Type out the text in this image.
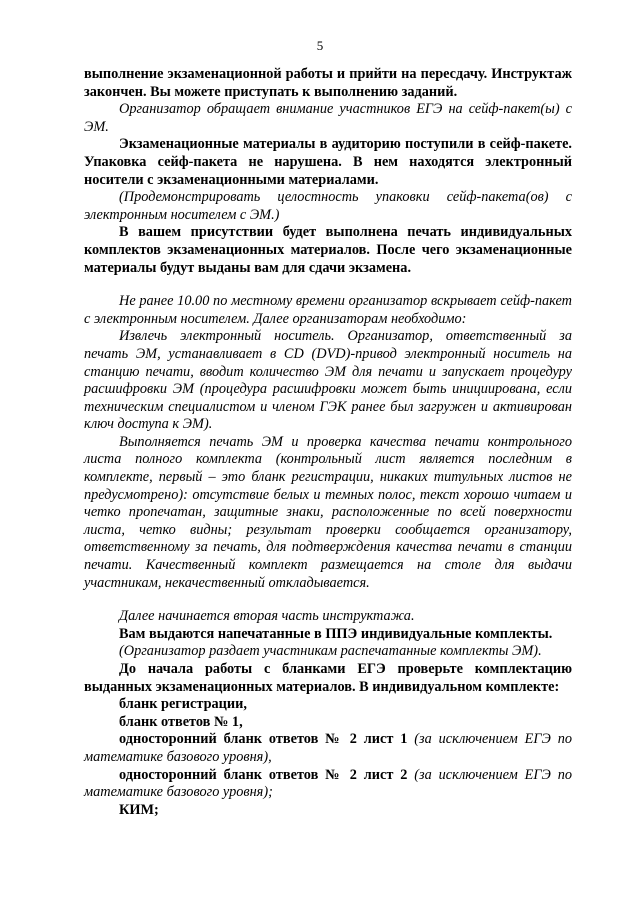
5

выполнение экзаменационной работы и прийти на пересдачу. Инструктаж закончен. Вы можете приступать к выполнению заданий.

Организатор обращает внимание участников ЕГЭ на сейф-пакет(ы) с ЭМ.

Экзаменационные материалы в аудиторию поступили в сейф-пакете. Упаковка сейф-пакета не нарушена. В нем находятся электронный носители с экзаменационными материалами.

(Продемонстрировать целостность упаковки сейф-пакета(ов) с электронным носителем с ЭМ.)

В вашем присутствии будет выполнена печать индивидуальных комплектов экзаменационных материалов. После чего экзаменационные материалы будут выданы вам для сдачи экзамена.

Не ранее 10.00 по местному времени организатор вскрывает сейф-пакет с электронным носителем. Далее организаторам необходимо:

Извлечь электронный носитель. Организатор, ответственный за печать ЭМ, устанавливает в CD (DVD)-привод электронный носитель на станцию печати, вводит количество ЭМ для печати и запускает процедуру расшифровки ЭМ (процедура расшифровки может быть инициирована, если техническим специалистом и членом ГЭК ранее был загружен и активирован ключ доступа к ЭМ).

Выполняется печать ЭМ и проверка качества печати контрольного листа полного комплекта (контрольный лист является последним в комплекте, первый – это бланк регистрации, никаких титульных листов не предусмотрено): отсутствие белых и темных полос, текст хорошо читаем и четко пропечатан, защитные знаки, расположенные по всей поверхности листа, четко видны; результат проверки сообщается организатору, ответственному за печать, для подтверждения качества печати в станции печати. Качественный комплект размещается на столе для выдачи участникам, некачественный откладывается.

Далее начинается вторая часть инструктажа.

Вам выдаются напечатанные в ППЭ индивидуальные комплекты.

(Организатор раздает участникам распечатанные комплекты ЭМ).

До начала работы с бланками ЕГЭ проверьте комплектацию выданных экзаменационных материалов. В индивидуальном комплекте:

бланк регистрации,

бланк ответов № 1,

односторонний бланк ответов № 2 лист 1 (за исключением ЕГЭ по математике базового уровня),

односторонний бланк ответов № 2 лист 2 (за исключением ЕГЭ по математике базового уровня);

КИМ;
